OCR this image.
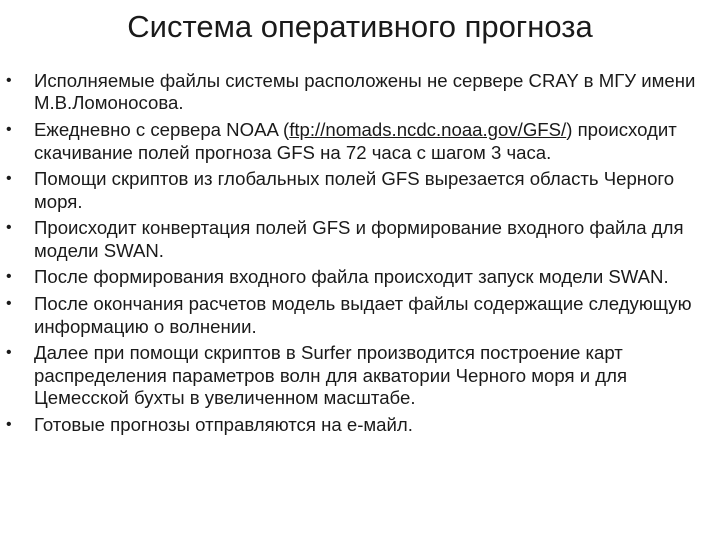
Система оперативного прогноза
• Исполняемые файлы системы расположены не сервере CRAY в МГУ имени М.В.Ломоносова.
• Ежедневно с сервера NOAA (ftp://nomads.ncdc.noaa.gov/GFS/) происходит скачивание полей прогноза GFS на 72 часа с шагом 3 часа.
• Помощи скриптов из глобальных полей GFS вырезается область Черного моря.
• Происходит конвертация полей GFS и формирование входного файла для модели SWAN.
• После формирования входного файла происходит запуск модели SWAN.
• После окончания расчетов модель выдает файлы содержащие следующую информацию о волнении.
• Далее при помощи скриптов в Surfer производится построение карт распределения параметров волн для акватории Черного моря и для Цемесской бухты в увеличенном масштабе.
• Готовые прогнозы отправляются на е-майл.
